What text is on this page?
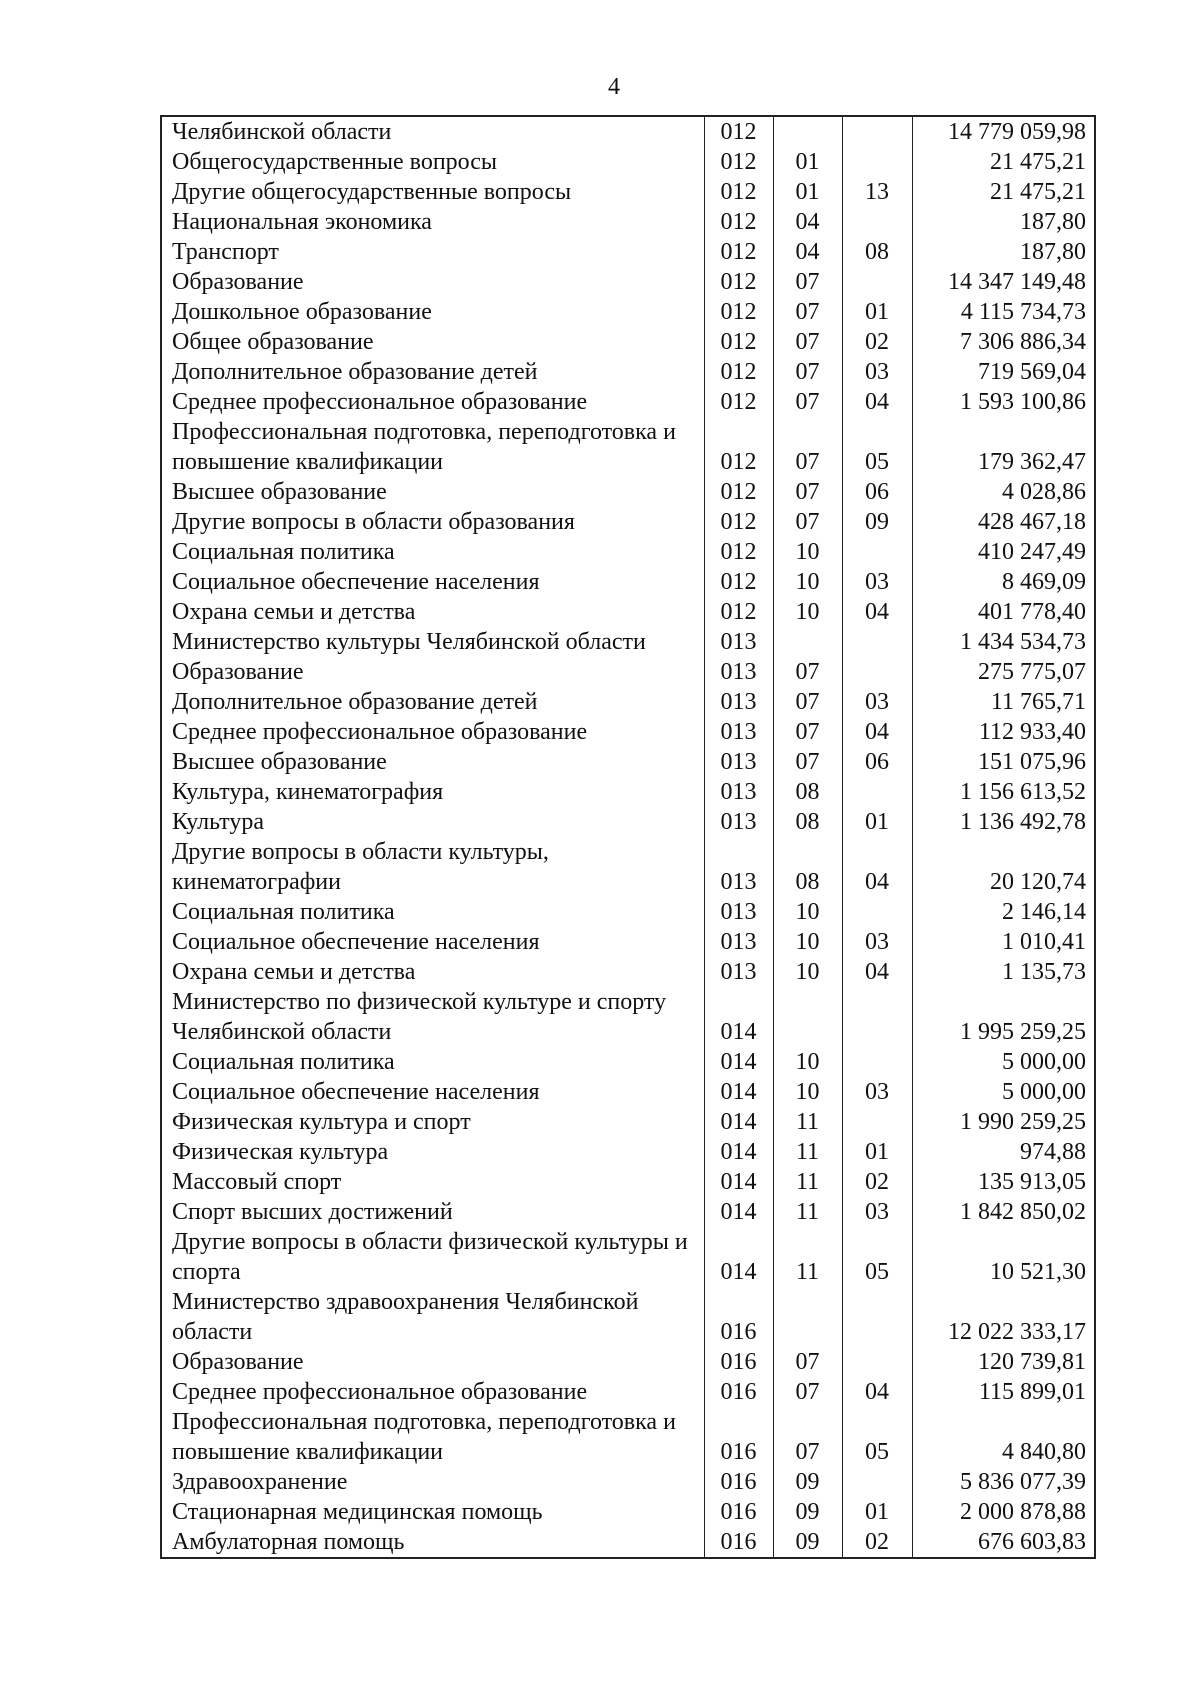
4
Челябинской области	012			14 779 059,98
Общегосударственные вопросы	012	01		21 475,21
Другие общегосударственные вопросы	012	01	13	21 475,21
Национальная экономика	012	04		187,80
Транспорт	012	04	08	187,80
Образование	012	07		14 347 149,48
Дошкольное образование	012	07	01	4 115 734,73
Общее образование	012	07	02	7 306 886,34
Дополнительное образование детей	012	07	03	719 569,04
Среднее профессиональное образование	012	07	04	1 593 100,86
Профессиональная подготовка, переподготовка и повышение квалификации	012	07	05	179 362,47
Высшее образование	012	07	06	4 028,86
Другие вопросы в области образования	012	07	09	428 467,18
Социальная политика	012	10		410 247,49
Социальное обеспечение населения	012	10	03	8 469,09
Охрана семьи и детства	012	10	04	401 778,40
Министерство культуры Челябинской области	013			1 434 534,73
Образование	013	07		275 775,07
Дополнительное образование детей	013	07	03	11 765,71
Среднее профессиональное образование	013	07	04	112 933,40
Высшее образование	013	07	06	151 075,96
Культура, кинематография	013	08		1 156 613,52
Культура	013	08	01	1 136 492,78
Другие вопросы в области культуры, кинематографии	013	08	04	20 120,74
Социальная политика	013	10		2 146,14
Социальное обеспечение населения	013	10	03	1 010,41
Охрана семьи и детства	013	10	04	1 135,73
Министерство по физической культуре и спорту Челябинской области	014			1 995 259,25
Социальная политика	014	10		5 000,00
Социальное обеспечение населения	014	10	03	5 000,00
Физическая культура и спорт	014	11		1 990 259,25
Физическая культура	014	11	01	974,88
Массовый спорт	014	11	02	135 913,05
Спорт высших достижений	014	11	03	1 842 850,02
Другие вопросы в области физической культуры и спорта	014	11	05	10 521,30
Министерство здравоохранения Челябинской области	016			12 022 333,17
Образование	016	07		120 739,81
Среднее профессиональное образование	016	07	04	115 899,01
Профессиональная подготовка, переподготовка и повышение квалификации	016	07	05	4 840,80
Здравоохранение	016	09		5 836 077,39
Стационарная медицинская помощь	016	09	01	2 000 878,88
Амбулаторная помощь	016	09	02	676 603,83
